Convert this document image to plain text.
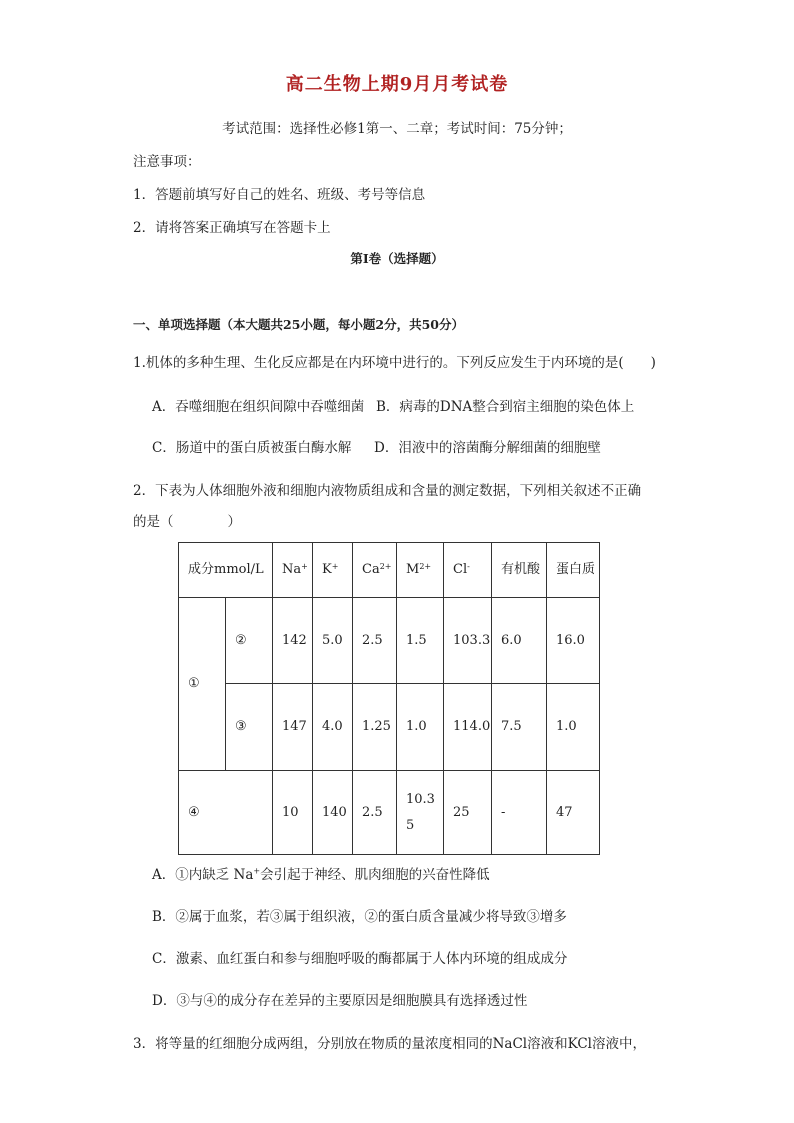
高二生物上期9月月考试卷
考试范围：选择性必修1第一、二章；考试时间：75分钟；
注意事项：
1．答题前填写好自己的姓名、班级、考号等信息
2．请将答案正确填写在答题卡上
第I卷（选择题）
一、单项选择题（本大题共25小题，每小题2分，共50分）
1.机体的多种生理、生化反应都是在内环境中进行的。下列反应发生于内环境的是(　　)
A．吞噬细胞在组织间隙中吞噬细菌 B．病毒的DNA整合到宿主细胞的染色体上
C．肠道中的蛋白质被蛋白酶水解 D．泪液中的溶菌酶分解细菌的细胞壁
2．下表为人体细胞外液和细胞内液物质组成和含量的测定数据，下列相关叙述不正确
的是（　　　　）
成分mmol/L		Na+	K+	$Ca^{2+}$	$M^{2+}$	Cl-	有机酸	蛋白质
①	②	142	5.0	2.5	1.5	103.3	6.0	16.0
	③	147	4.0	1.25	1.0	114.0	7.5	1.0
④		10	140	2.5	10.35	25	-	47
A．①内缺乏 Na+会引起于神经、肌肉细胞的兴奋性降低
B．②属于血浆，若③属于组织液，②的蛋白质含量减少将导致③增多
C．激素、血红蛋白和参与细胞呼吸的酶都属于人体内环境的组成成分
D．③与④的成分存在差异的主要原因是细胞膜具有选择透过性
3．将等量的红细胞分成两组，分别放在物质的量浓度相同的NaCl溶液和KCl溶液中，
